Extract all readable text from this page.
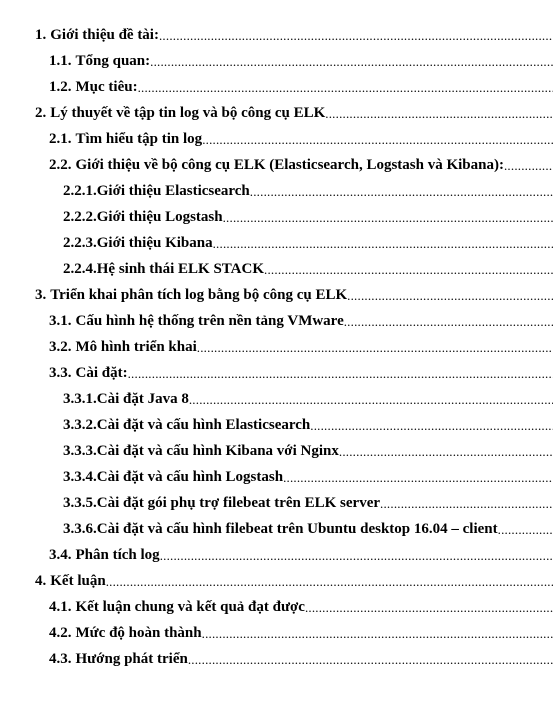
1. Giới thiệu đề tài:
.....
1.1. Tổng quan:
.....
1.2. Mục tiêu:
.....
2. Lý thuyết về tập tin log và bộ công cụ ELK
.....
2.1. Tìm hiểu tập tin log
.....
2.2. Giới thiệu về bộ công cụ ELK (Elasticsearch, Logstash và Kibana):
.....
2.2.1. Giới thiệu Elasticsearch
.....
2.2.2. Giới thiệu Logstash
.....
2.2.3. Giới thiệu Kibana
.....
2.2.4. Hệ sinh thái ELK STACK
.....
3. Triển khai phân tích log bằng bộ công cụ ELK
.....
3.1. Cấu hình hệ thống trên nền tảng VMware
.....
3.2. Mô hình triển khai
.....
3.3. Cài đặt:
.....
3.3.1. Cài đặt Java 8
.....
3.3.2. Cài đặt và cấu hình Elasticsearch
.....
3.3.3. Cài đặt và cấu hình Kibana với Nginx
.....
3.3.4. Cài đặt và cấu hình Logstash
.....
3.3.5. Cài đặt gói phụ trợ filebeat trên ELK server
.....
3.3.6. Cài đặt và cấu hình filebeat trên Ubuntu desktop 16.04 – client
.....
3.4. Phân tích log
.....
4. Kết luận
.....
4.1. Kết luận chung và kết quả đạt được
.....
4.2. Mức độ hoàn thành
.....
4.3. Hướng phát triển
.....
